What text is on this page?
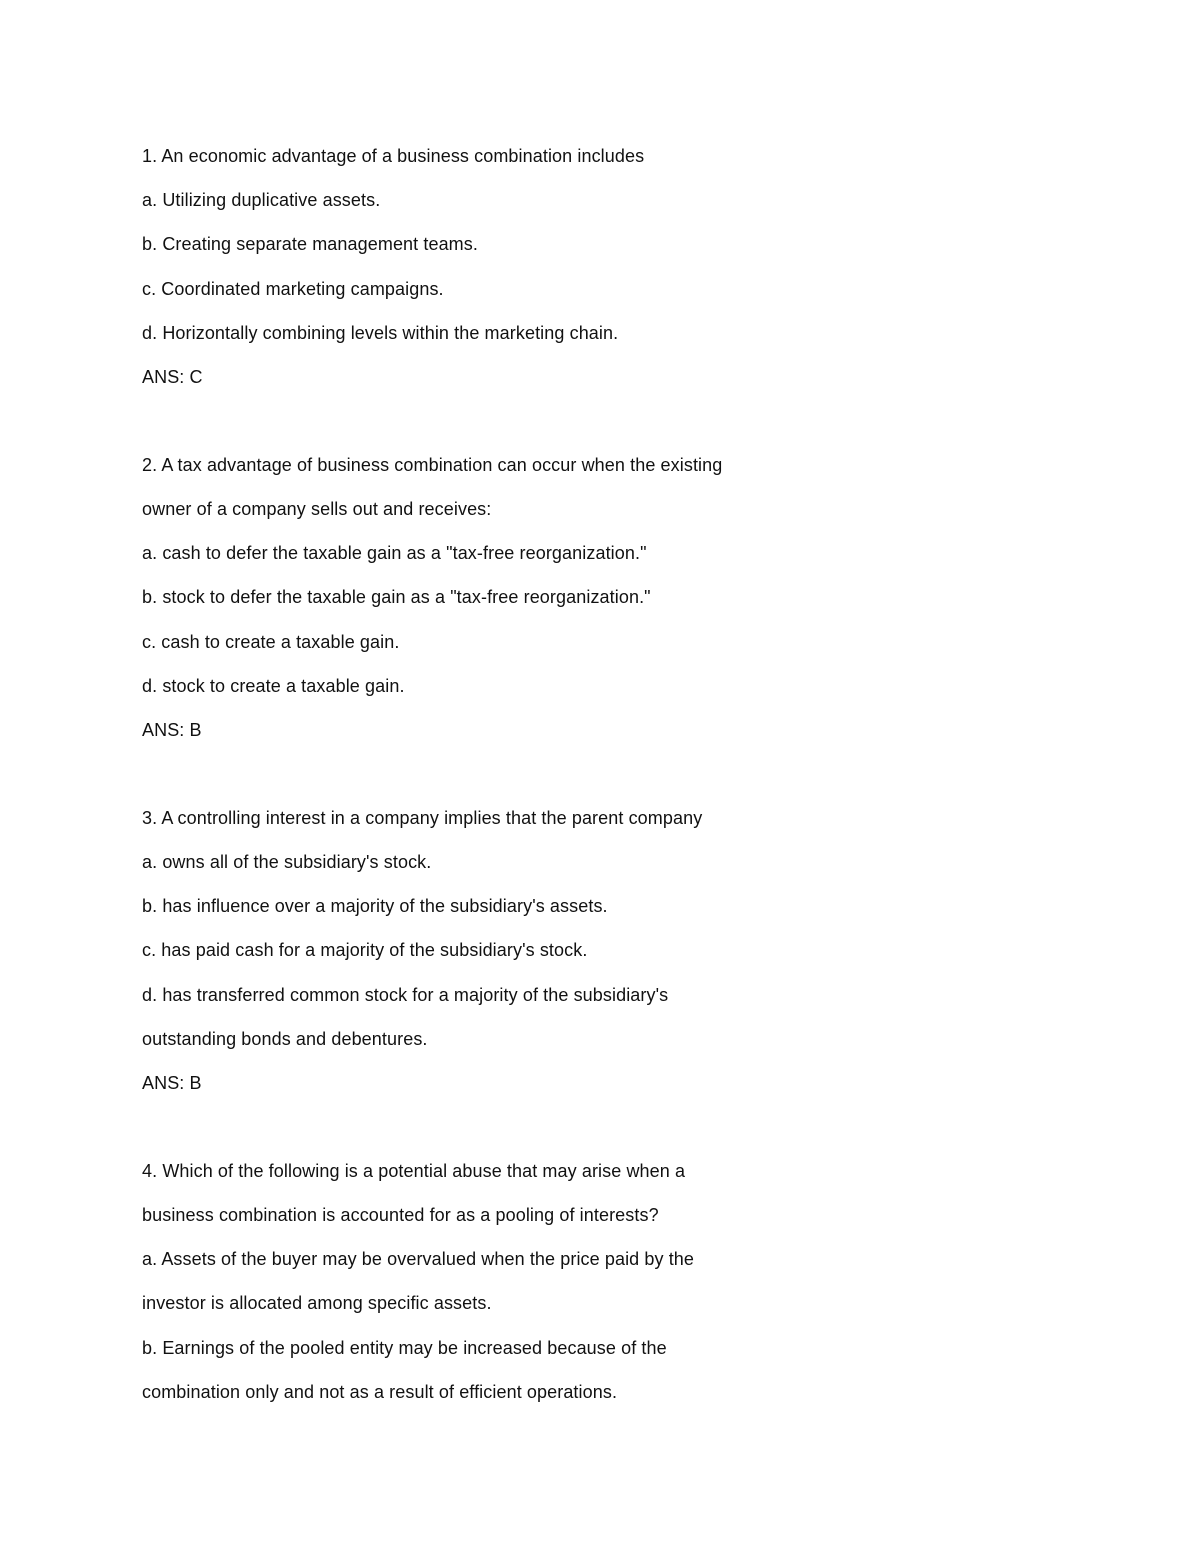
1. An economic advantage of a business combination includes
a. Utilizing duplicative assets.
b. Creating separate management teams.
c. Coordinated marketing campaigns.
d. Horizontally combining levels within the marketing chain.
ANS: C
2. A tax advantage of business combination can occur when the existing
owner of a company sells out and receives:
a. cash to defer the taxable gain as a "tax-free reorganization."
b. stock to defer the taxable gain as a "tax-free reorganization."
c. cash to create a taxable gain.
d. stock to create a taxable gain.
ANS: B
3. A controlling interest in a company implies that the parent company
a. owns all of the subsidiary's stock.
b. has influence over a majority of the subsidiary's assets.
c. has paid cash for a majority of the subsidiary's stock.
d. has transferred common stock for a majority of the subsidiary's
outstanding bonds and debentures.
ANS: B
4. Which of the following is a potential abuse that may arise when a
business combination is accounted for as a pooling of interests?
a. Assets of the buyer may be overvalued when the price paid by the
investor is allocated among specific assets.
b. Earnings of the pooled entity may be increased because of the
combination only and not as a result of efficient operations.
